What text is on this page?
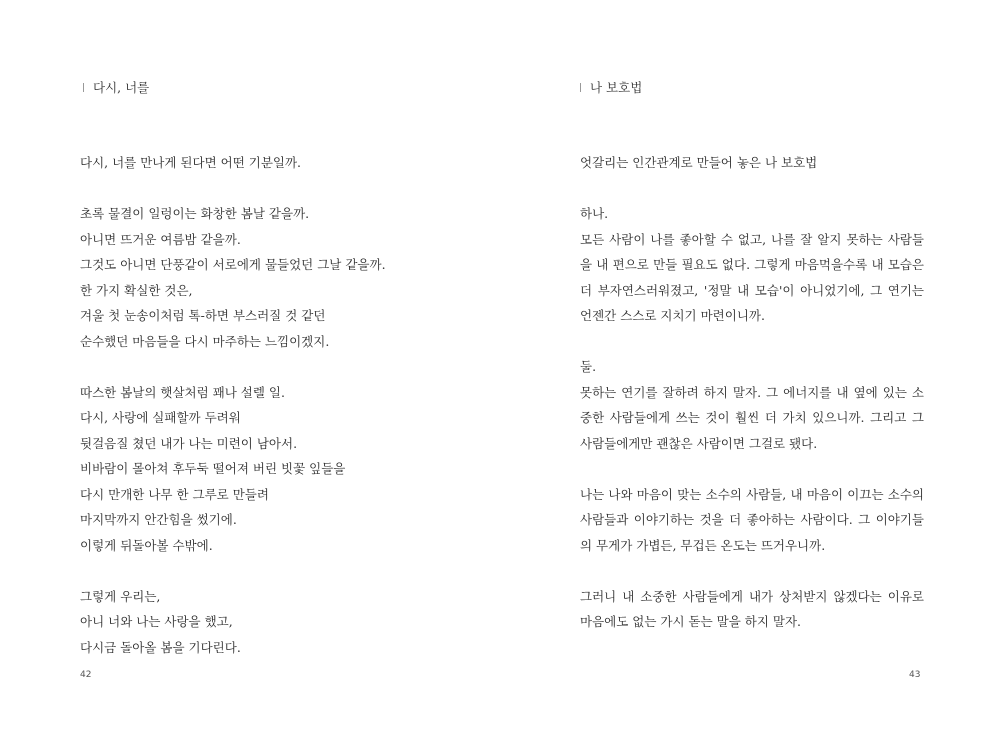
다시, 너를
다시, 너를 만나게 된다면 어떤 기분일까.
초록 물결이 일렁이는 화창한 봄날 같을까.
아니면 뜨거운 여름밤 같을까.
그것도 아니면 단풍같이 서로에게 물들었던 그날 같을까.
한 가지 확실한 것은,
겨울 첫 눈송이처럼 톡-하면 부스러질 것 같던
순수했던 마음들을 다시 마주하는 느낌이겠지.
따스한 봄날의 햇살처럼 꽤나 설렐 일.
다시, 사랑에 실패할까 두려워
뒷걸음질 쳤던 내가 나는 미련이 남아서.
비바람이 몰아쳐 후두둑 떨어져 버린 빗꽃 잎들을
다시 만개한 나무 한 그루로 만들려
마지막까지 안간힘을 썼기에.
이렇게 뒤돌아볼 수밖에.
그렇게 우리는,
아니 너와 나는 사랑을 했고,
다시금 돌아올 봄을 기다린다.
42
나 보호법
엇갈리는 인간관계로 만들어 놓은 나 보호법
하나.
모든 사람이 나를 좋아할 수 없고, 나를 잘 알지 못하는 사람들을 내 편으로 만들 필요도 없다. 그렇게 마음먹을수록 내 모습은 더 부자연스러워졌고, '정말 내 모습'이 아니었기에, 그 연기는 언젠간 스스로 지치기 마련이니까.
둘.
못하는 연기를 잘하려 하지 말자. 그 에너지를 내 옆에 있는 소중한 사람들에게 쓰는 것이 훨씬 더 가치 있으니까. 그리고 그 사람들에게만 괜찮은 사람이면 그걸로 됐다.
나는 나와 마음이 맞는 소수의 사람들, 내 마음이 이끄는 소수의 사람들과 이야기하는 것을 더 좋아하는 사람이다. 그 이야기들의 무게가 가볍든, 무겁든 온도는 뜨거우니까.
그러니 내 소중한 사람들에게 내가 상처받지 않겠다는 이유로 마음에도 없는 가시 돋는 말을 하지 말자.
43
